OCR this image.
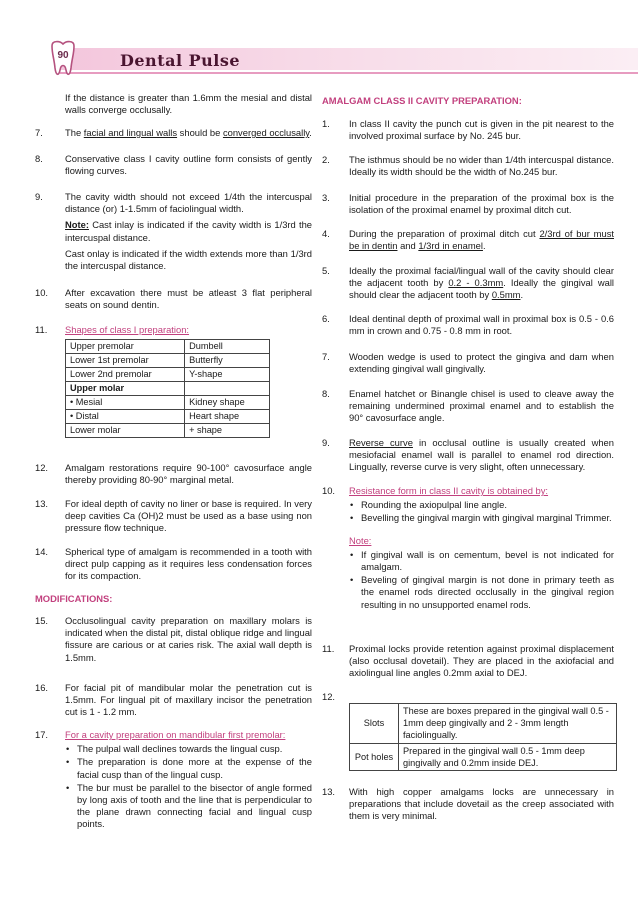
90	Dental Pulse

If the distance is greater than 1.6mm the mesial and distal walls converge occlusally.

7.	The facial and lingual walls should be converged occlusally.

8.	Conservative class I cavity outline form consists of gently flowing curves.

9.	The cavity width should not exceed 1/4th the intercuspal distance (or) 1-1.5mm of faciolingual width.

Note: Cast inlay is indicated if the cavity width is 1/3rd the intercuspal distance.

Cast onlay is indicated if the width extends more than 1/3rd the intercuspal distance.

10.	After excavation there must be atleast 3 flat peripheral seats on sound dentin.

11.	Shapes of class I preparation:

Upper premolar	Dumbell
Lower 1st premolar	Butterfly
Lower 2nd premolar	Y-shape
Upper molar	
• Mesial	Kidney shape
• Distal	Heart shape
Lower molar	+ shape
12.	Amalgam restorations require 90-100° cavosurface angle thereby providing 80-90° marginal metal.

13.	For ideal depth of cavity no liner or base is required. In very deep cavities Ca (OH)2 must be used as a base using non pressure flow technique.

14.	Spherical type of amalgam is recommended in a tooth with direct pulp capping as it requires less condensation forces for its compaction.

MODIFICATIONS:
15.	Occlusolingual cavity preparation on maxillary molars is indicated when the distal pit, distal oblique ridge and lingual fissure are carious or at caries risk. The axial wall depth is 1.5mm.

16.	For facial pit of mandibular molar the penetration cut is 1.5mm. For lingual pit of maxillary incisor the penetration cut is 1 - 1.2 mm.

17.	For a cavity preparation on mandibular first premolar:

• The pulpal wall declines towards the lingual cusp.
• The preparation is done more at the expense of the facial cusp than of the lingual cusp.
• The bur must be parallel to the bisector of angle formed by long axis of tooth and the line that is perpendicular to the plane drawn connecting facial and lingual cusp points.
AMALGAM CLASS II CAVITY PREPARATION:
1.	In class II cavity the punch cut is given in the pit nearest to the involved proximal surface by No. 245 bur.

2.	The isthmus should be no wider than 1/4th intercuspal distance. Ideally its width should be the width of No.245 bur.

3.	Initial procedure in the preparation of the proximal box is the isolation of the proximal enamel by proximal ditch cut.

4.	During the preparation of proximal ditch cut 2/3rd of bur must be in dentin and 1/3rd in enamel.

5.	Ideally the proximal facial/lingual wall of the cavity should clear the adjacent tooth by 0.2 - 0.3mm. Ideally the gingival wall should clear the adjacent tooth by 0.5mm.

6.	Ideal dentinal depth of proximal wall in proximal box is 0.5 - 0.6 mm in crown and 0.75 - 0.8 mm in root.

7.	Wooden wedge is used to protect the gingiva and dam when extending gingival wall gingivally.

8.	Enamel hatchet or Binangle chisel is used to cleave away the remaining undermined proximal enamel and to establish the 90° cavosurface angle.

9.	Reverse curve in occlusal outline is usually created when mesiofacial enamel wall is parallel to enamel rod direction. Lingually, reverse curve is very slight, often unnecessary.

10.	Resistance form in class II cavity is obtained by:

• Rounding the axiopulpal line angle.
• Bevelling the gingival margin with gingival marginal Trimmer.

Note:

• If gingival wall is on cementum, bevel is not indicated for amalgam.
• Beveling of gingival margin is not done in primary teeth as the enamel rods directed occlusally in the gingival region resulting in no unsupported enamel rods.
11.	Proximal locks provide retention against proximal displacement (also occlusal dovetail). They are placed in the axiofacial and axiolingual line angles 0.2mm axial to DEJ.

12.
Slots	These are boxes prepared in the gingival wall 0.5 - 1mm deep gingivally and 2 - 3mm length faciolingually.
Pot holes	Prepared in the gingival wall 0.5 - 1mm deep gingivally and 0.2mm inside DEJ.
13.	With high copper amalgams locks are unnecessary in preparations that include dovetail as the creep associated with them is very minimal.
